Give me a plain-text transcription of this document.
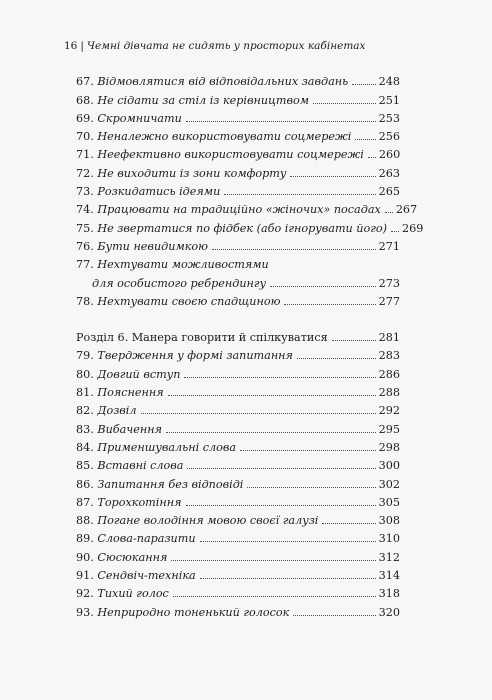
16 | Чемні дівчата не сидять у просторих кабінетах
67. Відмовлятися від відповідальних завдань	248
68. Не сідати за стіл із керівництвом	251
69. Скромничати	253
70. Неналежно використовувати соцмережі 256
71. Неефективно використовувати соцмережі 260
72. Не виходити із зони комфорту	263
73. Розкидатись ідеями	265
74. Працювати на традиційно «жіночих» посадах 267
75. Не звертатися по фідбек (або ігнорувати його) 269
76. Бути невидимкою	271
77. Нехтувати можливостями
для особистого ребрендингу	273
78. Нехтувати своєю спадщиною	277
Розділ 6. Манера говорити й спілкуватися	281
79. Твердження у формі запитання	283
80. Довгий вступ	286
81. Пояснення	288
82. Дозвіл	292
83. Вибачення	295
84. Применшувальні слова	298
85. Вставні слова	300
86. Запитання без відповіді	302
87. Торохкотіння	305
88. Погане володіння мовою своєї галузі	308
89. Слова-паразити	310
90. Сюсюкання	312
91. Сендвіч-техніка	314
92. Тихий голос	318
93. Неприродно тоненький голосок	320
